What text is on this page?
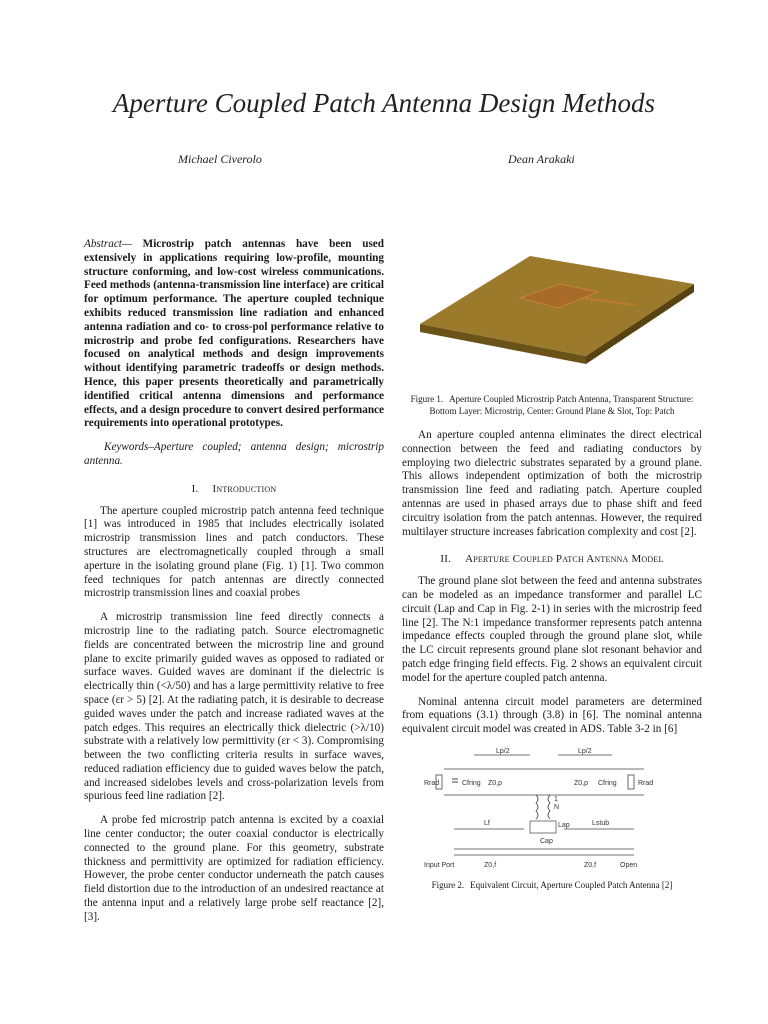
Aperture Coupled Patch Antenna Design Methods
Michael Civerolo	Dean Arakaki

Abstract— Microstrip patch antennas have been used extensively in applications requiring low-profile, mounting structure conforming, and low-cost wireless communications. Feed methods (antenna-transmission line interface) are critical for optimum performance. The aperture coupled technique exhibits reduced transmission line radiation and enhanced antenna radiation and co- to cross-pol performance relative to microstrip and probe fed configurations. Researchers have focused on analytical methods and design improvements without identifying parametric tradeoffs or design methods. Hence, this paper presents theoretically and parametrically identified critical antenna dimensions and performance effects, and a design procedure to convert desired performance requirements into operational prototypes.

Keywords–Aperture coupled; antenna design; microstrip antenna.

I. Introduction

The aperture coupled microstrip patch antenna feed technique [1] was introduced in 1985 that includes electrically isolated microstrip transmission lines and patch conductors. These structures are electromagnetically coupled through a small aperture in the isolating ground plane (Fig. 1) [1]. Two common feed techniques for patch antennas are directly connected microstrip transmission lines and coaxial probes

A microstrip transmission line feed directly connects a microstrip line to the radiating patch. Source electromagnetic fields are concentrated between the microstrip line and ground plane to excite primarily guided waves as opposed to radiated or surface waves. Guided waves are dominant if the dielectric is electrically thin (<λ/50) and has a large permittivity relative to free space (εr > 5) [2]. At the radiating patch, it is desirable to decrease guided waves under the patch and increase radiated waves at the patch edges. This requires an electrically thick dielectric (>λ/10) substrate with a relatively low permittivity (εr < 3). Compromising between the two conflicting criteria results in surface waves, reduced radiation efficiency due to guided waves below the patch, and increased sidelobes levels and cross-polarization levels from spurious feed line radiation [2].

A probe fed microstrip patch antenna is excited by a coaxial line center conductor; the outer coaxial conductor is electrically connected to the ground plane. For this geometry, substrate thickness and permittivity are optimized for radiation efficiency. However, the probe center conductor underneath the patch causes field distortion due to the introduction of an undesired reactance at the antenna input and a relatively large probe self reactance [2], [3].

Figure 1. Aperture Coupled Microstrip Patch Antenna, Transparent Structure: Bottom Layer: Microstrip, Center: Ground Plane & Slot, Top: Patch

An aperture coupled antenna eliminates the direct electrical connection between the feed and radiating conductors by employing two dielectric substrates separated by a ground plane. This allows independent optimization of both the microstrip transmission line feed and radiating patch. Aperture coupled antennas are used in phased arrays due to phase shift and feed circuitry isolation from the patch antennas. However, the required multilayer structure increases fabrication complexity and cost [2].

II. Aperture Coupled Patch Antenna Model

The ground plane slot between the feed and antenna substrates can be modeled as an impedance transformer and parallel LC circuit (Lap and Cap in Fig. 2-1) in series with the microstrip feed line [2]. The N:1 impedance transformer represents patch antenna impedance effects coupled through the ground plane slot, while the LC circuit represents ground plane slot resonant behavior and patch edge fringing field effects. Fig. 2 shows an equivalent circuit model for the aperture coupled patch antenna.

Nominal antenna circuit model parameters are determined from equations (3.1) through (3.8) in [6]. The nominal antenna equivalent circuit model was created in ADS. Table 3-2 in [6]

Lp/2	Lp/2
Rrad	Cfring Z0,p	Z0,p Cfring	Rrad
1
N
Lap
Cap
Lf	Lstub
Input Port	Z0,f	Z0,f	Open
Figure 2. Equivalent Circuit, Aperture Coupled Patch Antenna [2]
